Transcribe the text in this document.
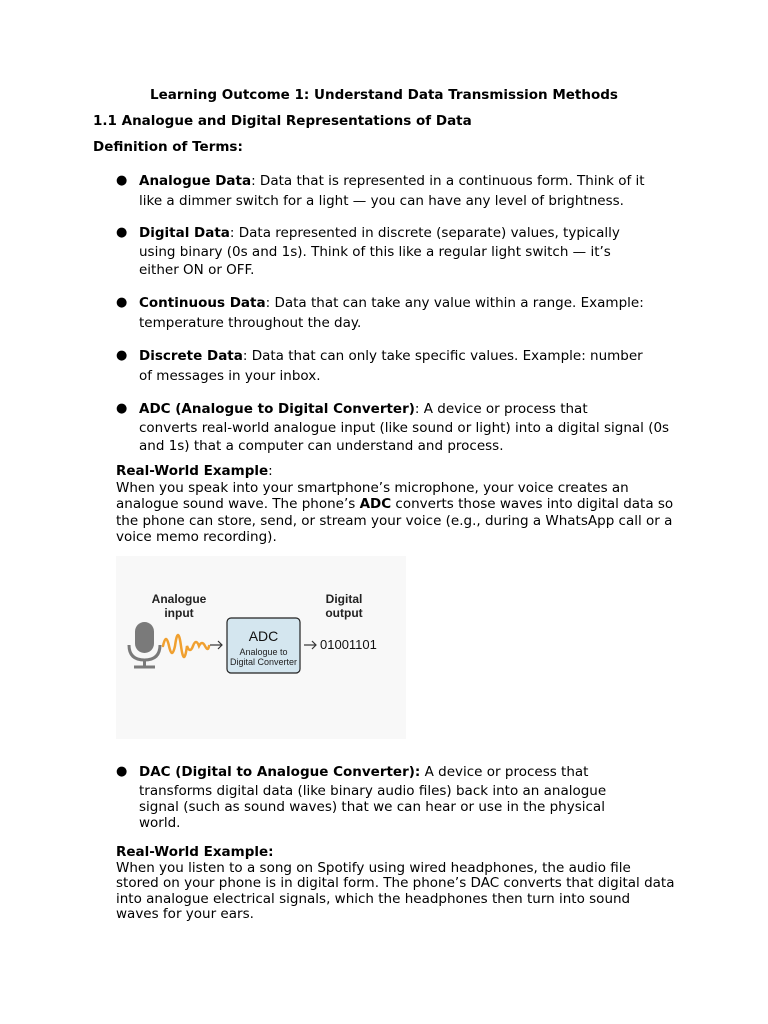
Learning Outcome 1: Understand Data Transmission Methods
1.1 Analogue and Digital Representations of Data
Definition of Terms:
● Analogue Data: Data that is represented in a continuous form. Think of it
like a dimmer switch for a light — you can have any level of brightness.
● Digital Data: Data represented in discrete (separate) values, typically

using binary (0s and 1s). Think of this like a regular light switch — it’s either ON or OFF.
● Continuous Data: Data that can take any value within a range. Example:
temperature throughout the day.
● Discrete Data: Data that can only take specific values. Example: number
of messages in your inbox.
● ADC (Analogue to Digital Converter): A device or process that

converts real-world analogue input (like sound or light) into a digital signal (0s and 1s) that a computer can understand and process.
Real-World Example:
When you speak into your smartphone’s microphone, your voice creates an analogue sound wave. The phone’s ADC converts those waves into digital data so the phone can store, send, or stream your voice (e.g., during a WhatsApp call or a voice memo recording).
Analogue
input
Digital
output
ADC
Analogue to
Digital Converter
01001101
● DAC (Digital to Analogue Converter): A device or process that

transforms digital data (like binary audio files) back into an analogue signal (such as sound waves) that we can hear or use in the physical world.
Real-World Example:
When you listen to a song on Spotify using wired headphones, the audio file stored on your phone is in digital form. The phone’s DAC converts that digital data into analogue electrical signals, which the headphones then turn into sound waves for your ears.
